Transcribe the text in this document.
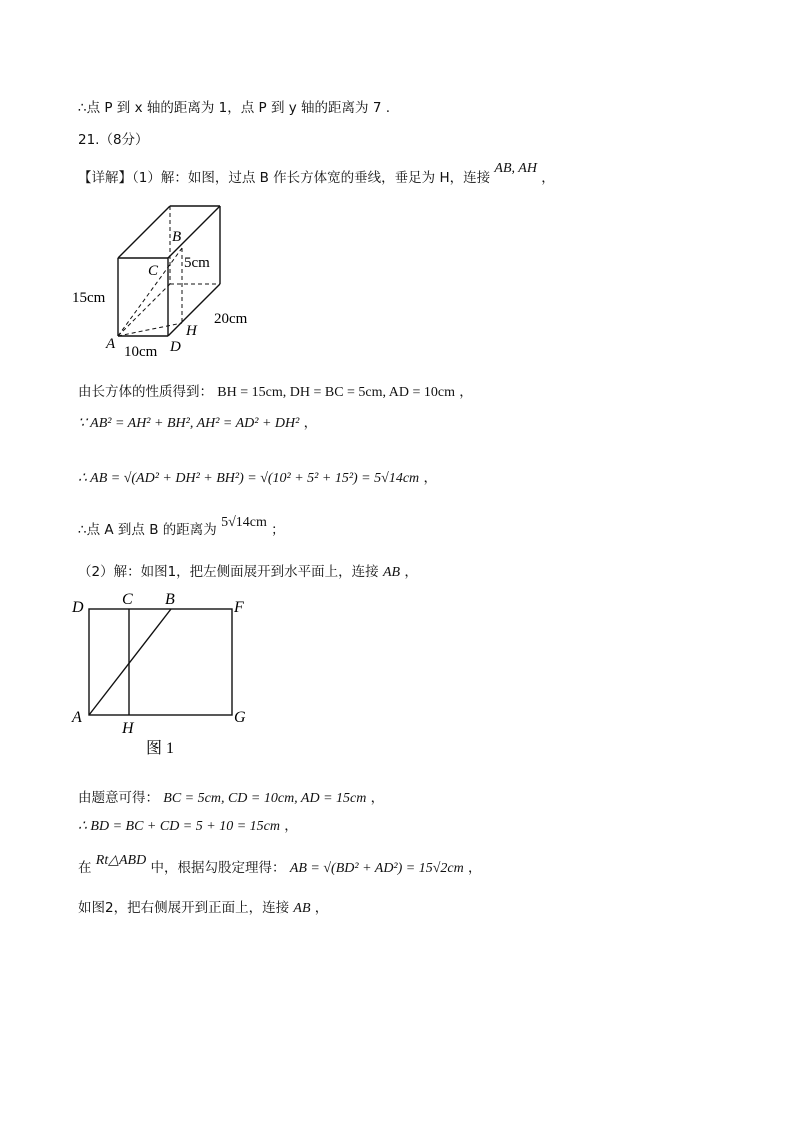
∴点 P 到 x 轴的距离为 1，点 P 到 y 轴的距离为 7 .
21.（8分）
【详解】（1）解：如图，过点 B 作长方体宽的垂线，垂足为 H，连接 AB, AH ，
B
C
A	D
H
5cm
15cm
20cm
10cm
由长方体的性质得到： BH = 15cm, DH = BC = 5cm, AD = 10cm ，
∵ AB² = AH² + BH², AH² = AD² + DH² ，
∴ AB = √(AD² + DH² + BH²) = √(10² + 5² + 15²) = 5√14cm ，
∴点 A 到点 B 的距离为 5√14cm ；
（2）解：如图1，把左侧面展开到水平面上，连接 AB ，
D C B	F
A
H
G
图 1
由题意可得： BC = 5cm, CD = 10cm, AD = 15cm ，
∴ BD = BC + CD = 5 + 10 = 15cm ，
在 Rt△ABD 中，根据勾股定理得： AB = √(BD² + AD²) = 15√2cm ，
如图2，把右侧展开到正面上，连接 AB ，
